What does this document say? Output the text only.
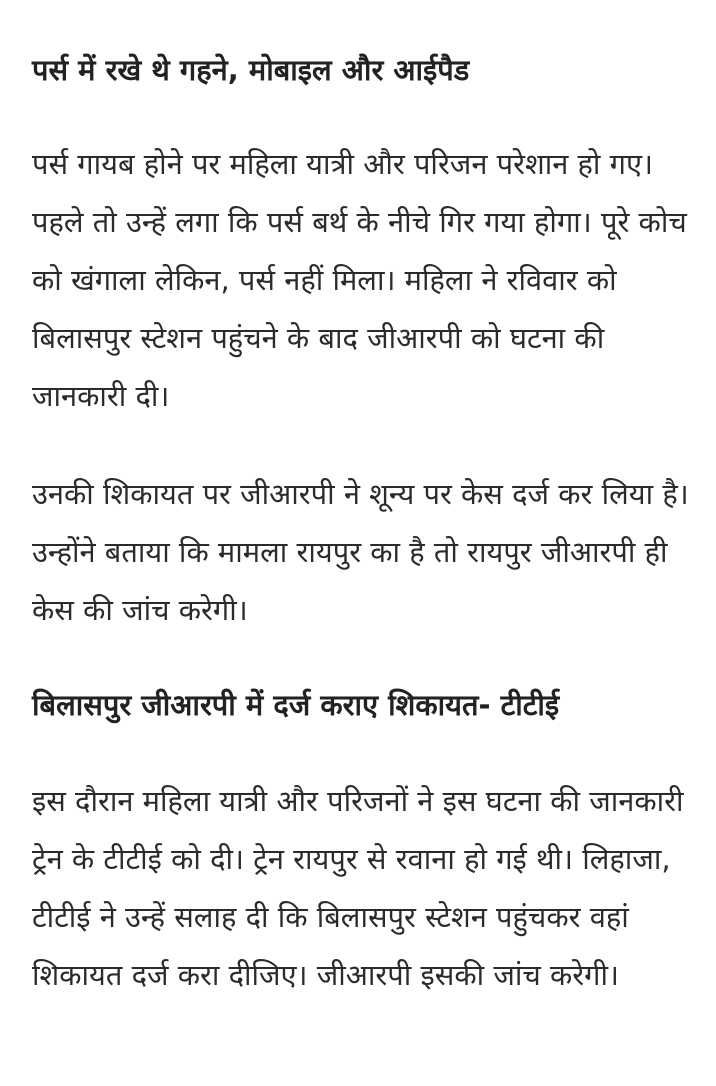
पर्स में रखे थे गहने, मोबाइल और आईपैड

पर्स गायब होने पर महिला यात्री और परिजन परेशान हो गए। पहले तो उन्हें लगा कि पर्स बर्थ के नीचे गिर गया होगा। पूरे कोच को खंगाला लेकिन, पर्स नहीं मिला। महिला ने रविवार को बिलासपुर स्टेशन पहुंचने के बाद जीआरपी को घटना की जानकारी दी।

उनकी शिकायत पर जीआरपी ने शून्य पर केस दर्ज कर लिया है। उन्होंने बताया कि मामला रायपुर का है तो रायपुर जीआरपी ही केस की जांच करेगी।

बिलासपुर जीआरपी में दर्ज कराए शिकायत- टीटीई

इस दौरान महिला यात्री और परिजनों ने इस घटना की जानकारी ट्रेन के टीटीई को दी। ट्रेन रायपुर से रवाना हो गई थी। लिहाजा, टीटीई ने उन्हें सलाह दी कि बिलासपुर स्टेशन पहुंचकर वहां शिकायत दर्ज करा दीजिए। जीआरपी इसकी जांच करेगी।
